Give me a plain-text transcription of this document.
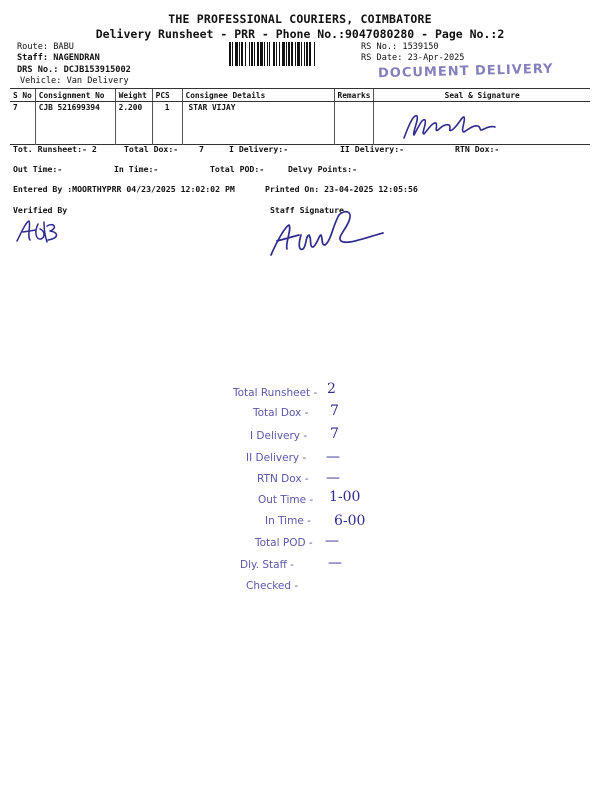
THE PROFESSIONAL COURIERS, COIMBATORE
Delivery Runsheet - PRR - Phone No.:9047080280 - Page No.:2
Route: BABU
Staff: NAGENDRAN
DRS No.: DCJB153915002
Vehicle: Van Delivery
RS No.: 1539150
RS Date: 23-Apr-2025
DOCUMENT DELIVERY
S No	Consignment No	Weight	PCS	Consignee Details	Remarks	Seal & Signature
7	CJB 521699394	2.200	1	STAR VIJAY		
Tot. Runsheet:- 2	Total Dox:-	7	I Delivery:-	II Delivery:-	RTN Dox:-
Out Time:-	In Time:-	Total POD:-	Delvy Points:-
Entered By :MOORTHYPRR 04/23/2025 12:02:02 PM	Printed On: 23-04-2025 12:05:56
Verified By	Staff Signature
Total Runsheet - 2
Total Dox - 7
I Delivery - 7
II Delivery - —
RTN Dox - —
Out Time - 1-00
In Time - 6-00
Total POD - —
Dly. Staff - —
Checked -
